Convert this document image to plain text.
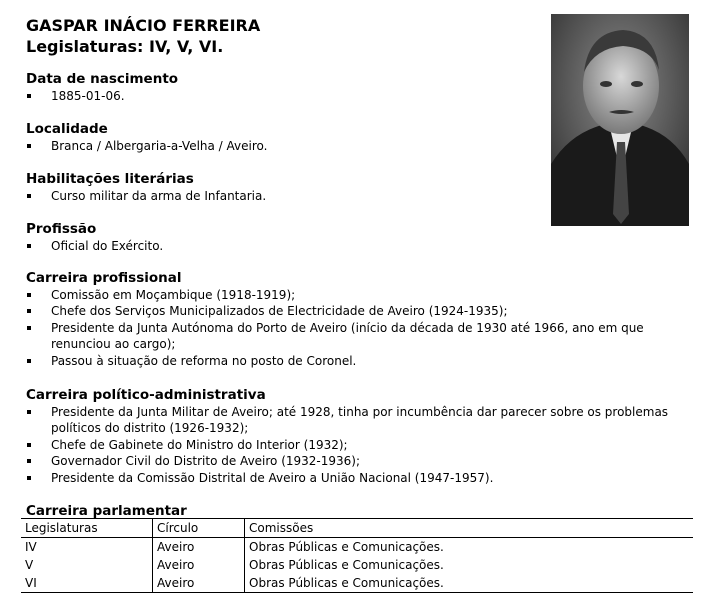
GASPAR INÁCIO FERREIRA
Legislaturas: IV, V, VI.
Data de nascimento
1885-01-06.
Localidade
Branca / Albergaria-a-Velha / Aveiro.
Habilitações literárias
Curso militar da arma de Infantaria.
Profissão
Oficial do Exército.
Carreira profissional
Comissão em Moçambique (1918-1919);
Chefe dos Serviços Municipalizados de Electricidade de Aveiro (1924-1935);
Presidente da Junta Autónoma do Porto de Aveiro (início da década de 1930 até 1966, ano em que renunciou ao cargo);
Passou à situação de reforma no posto de Coronel.
Carreira político-administrativa
Presidente da Junta Militar de Aveiro; até 1928, tinha por incumbência dar parecer sobre os problemas políticos do distrito (1926-1932);
Chefe de Gabinete do Ministro do Interior (1932);
Governador Civil do Distrito de Aveiro (1932-1936);
Presidente da Comissão Distrital de Aveiro a União Nacional (1947-1957).
Carreira parlamentar
Legislaturas	Círculo	Comissões
IV	Aveiro	Obras Públicas e Comunicações.
V	Aveiro	Obras Públicas e Comunicações.
VI	Aveiro	Obras Públicas e Comunicações.
